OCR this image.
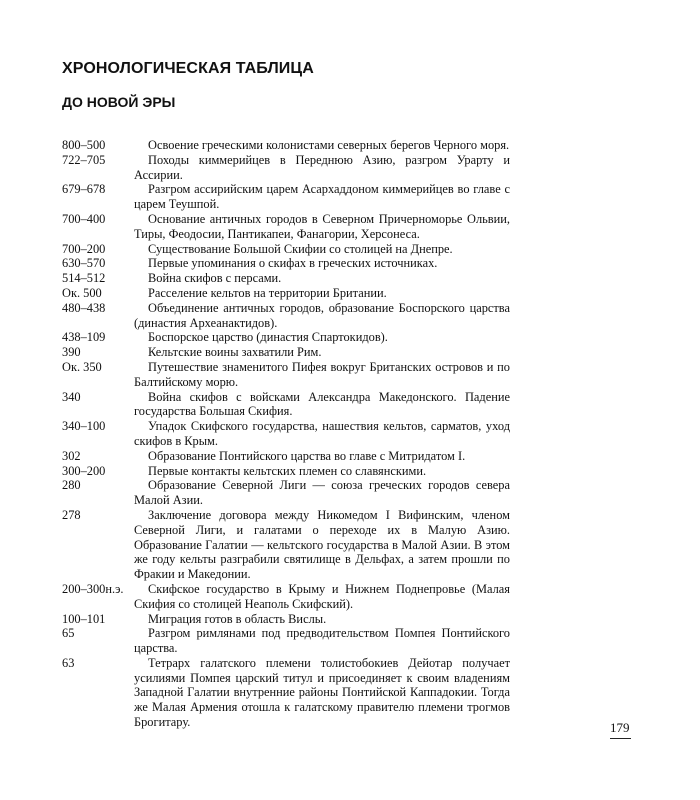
ХРОНОЛОГИЧЕСКАЯ ТАБЛИЦА
ДО НОВОЙ ЭРЫ
800–500	Освоение греческими колонистами северных берегов Черного моря.
722–705	Походы киммерийцев в Переднюю Азию, разгром Урарту и Ассирии.
679–678	Разгром ассирийским царем Асархаддоном киммерийцев во главе с царем Теушпой.
700–400	Основание античных городов в Северном Причерноморье Ольвии, Тиры, Феодосии, Пантикапеи, Фанагории, Херсонеса.
700–200	Существование Большой Скифии со столицей на Днепре.
630–570	Первые упоминания о скифах в греческих источниках.
514–512	Война скифов с персами.
Ок. 500	Расселение кельтов на территории Британии.
480–438	Объединение античных городов, образование Боспорского царства (династия Археанактидов).
438–109	Боспорское царство (династия Спартокидов).
390	Кельтские воины захватили Рим.
Ок. 350	Путешествие знаменитого Пифея вокруг Британских островов и по Балтийскому морю.
340	Война скифов с войсками Александра Македонского. Падение государства Большая Скифия.
340–100	Упадок Скифского государства, нашествия кельтов, сарматов, уход скифов в Крым.
302	Образование Понтийского царства во главе с Митридатом I.
300–200	Первые контакты кельтских племен со славянскими.
280	Образование Северной Лиги — союза греческих городов севера Малой Азии.
278	Заключение договора между Никомедом I Вифинским, членом Северной Лиги, и галатами о переходе их в Малую Азию. Образование Галатии — кельтского государства в Малой Азии. В этом же году кельты разграбили святилище в Дельфах, а затем прошли по Фракии и Македонии.
200–300н.э.	Скифское государство в Крыму и Нижнем Поднепровье (Малая Скифия со столицей Неаполь Скифский).
100–101	Миграция готов в область Вислы.
65	Разгром римлянами под предводительством Помпея Понтийского царства.
63	Тетрарх галатского племени толистобокиев Дейотар получает усилиями Помпея царский титул и присоединяет к своим владениям Западной Галатии внутренние районы Понтийской Каппадокии. Тогда же Малая Армения отошла к галатскому правителю племени трогмов Брогитару.	179
